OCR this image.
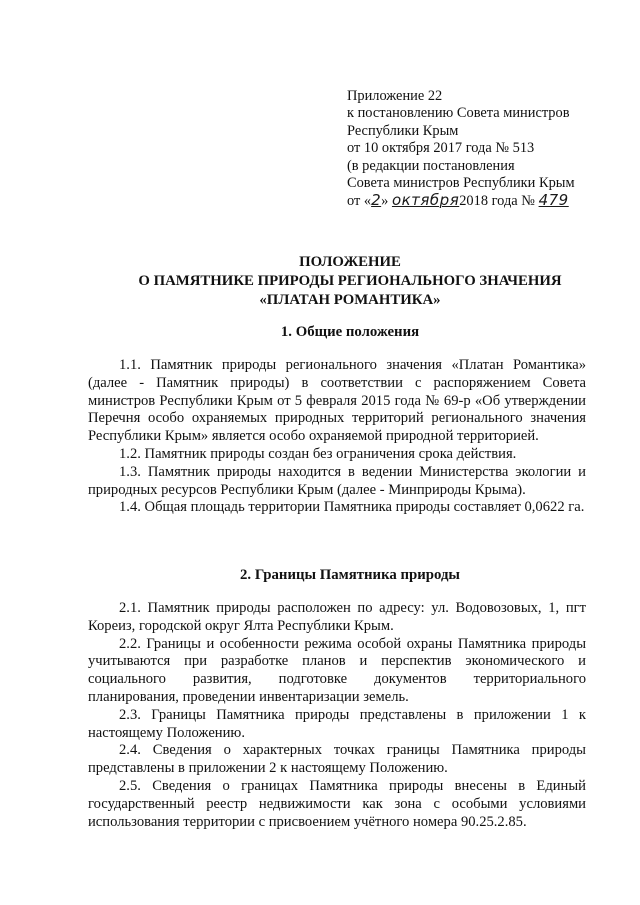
Приложение 22
к постановлению Совета министров
Республики Крым
от 10 октября 2017 года № 513
(в редакции постановления
Совета министров Республики Крым
от «2» октября2018 года № 479
ПОЛОЖЕНИЕ
О ПАМЯТНИКЕ ПРИРОДЫ РЕГИОНАЛЬНОГО ЗНАЧЕНИЯ
«ПЛАТАН РОМАНТИКА»
1. Общие положения

1.1. Памятник природы регионального значения «Платан Романтика» (далее - Памятник природы) в соответствии с распоряжением Совета министров Республики Крым от 5 февраля 2015 года № 69-р «Об утверждении Перечня особо охраняемых природных территорий регионального значения Республики Крым» является особо охраняемой природной территорией.

1.2. Памятник природы создан без ограничения срока действия.

1.3. Памятник природы находится в ведении Министерства экологии и природных ресурсов Республики Крым (далее - Минприроды Крыма).

1.4. Общая площадь территории Памятника природы составляет 0,0622 га.

2. Границы Памятника природы

2.1. Памятник природы расположен по адресу: ул. Водовозовых, 1, пгт Кореиз, городской округ Ялта Республики Крым.

2.2. Границы и особенности режима особой охраны Памятника природы учитываются при разработке планов и перспектив экономического и социального развития, подготовке документов территориального планирования, проведении инвентаризации земель.

2.3. Границы Памятника природы представлены в приложении 1 к настоящему Положению.

2.4. Сведения о характерных точках границы Памятника природы представлены в приложении 2 к настоящему Положению.

2.5. Сведения о границах Памятника природы внесены в Единый государственный реестр недвижимости как зона с особыми условиями использования территории с присвоением учётного номера 90.25.2.85.
